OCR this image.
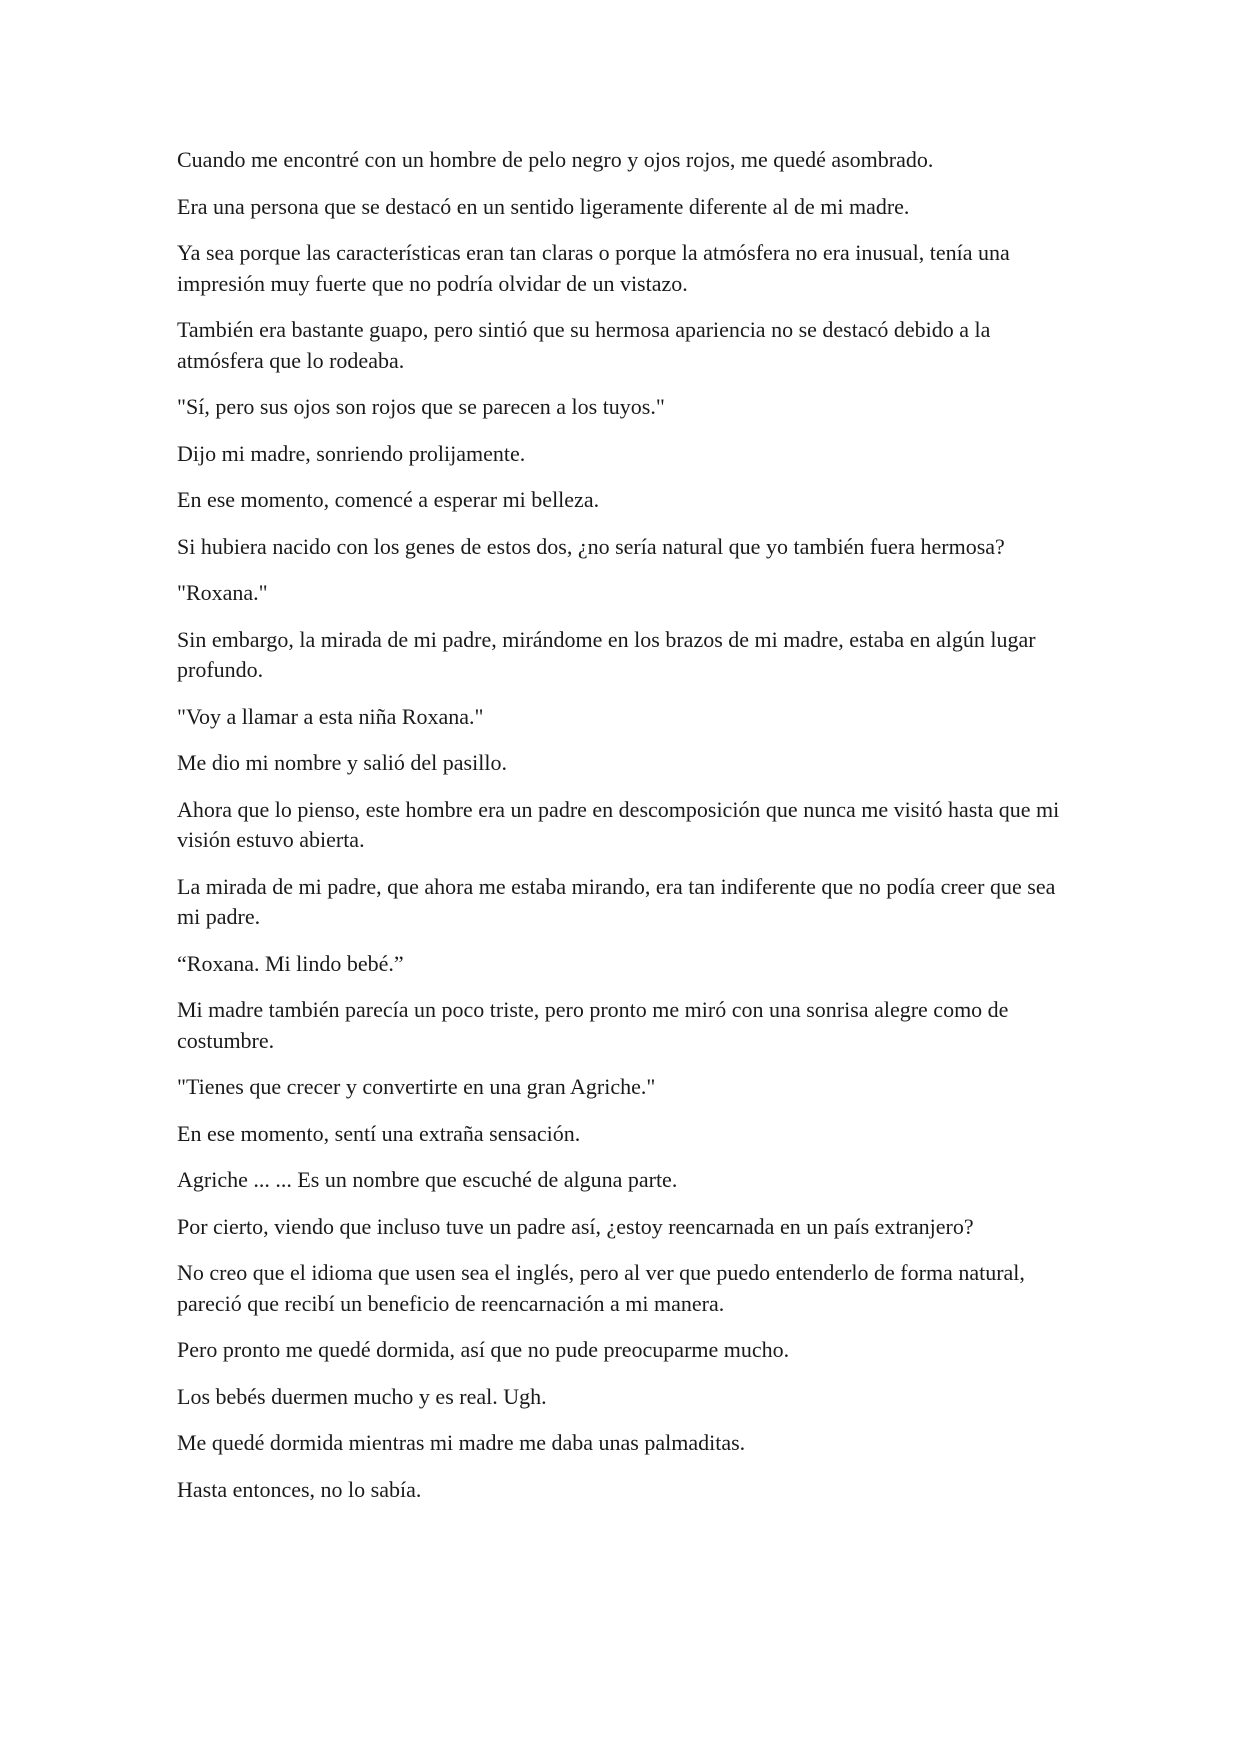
Cuando me encontré con un hombre de pelo negro y ojos rojos, me quedé asombrado.

Era una persona que se destacó en un sentido ligeramente diferente al de mi madre.

Ya sea porque las características eran tan claras o porque la atmósfera no era inusual, tenía una impresión muy fuerte que no podría olvidar de un vistazo.

También era bastante guapo, pero sintió que su hermosa apariencia no se destacó debido a la atmósfera que lo rodeaba.

"Sí, pero sus ojos son rojos que se parecen a los tuyos."

Dijo mi madre, sonriendo prolijamente.

En ese momento, comencé a esperar mi belleza.

Si hubiera nacido con los genes de estos dos, ¿no sería natural que yo también fuera hermosa?

"Roxana."

Sin embargo, la mirada de mi padre, mirándome en los brazos de mi madre, estaba en algún lugar profundo.

"Voy a llamar a esta niña Roxana."

Me dio mi nombre y salió del pasillo.

Ahora que lo pienso, este hombre era un padre en descomposición que nunca me visitó hasta que mi visión estuvo abierta.

La mirada de mi padre, que ahora me estaba mirando, era tan indiferente que no podía creer que sea mi padre.

“Roxana. Mi lindo bebé.”

Mi madre también parecía un poco triste, pero pronto me miró con una sonrisa alegre como de costumbre.

"Tienes que crecer y convertirte en una gran Agriche."

En ese momento, sentí una extraña sensación.

Agriche ... ... Es un nombre que escuché de alguna parte.

Por cierto, viendo que incluso tuve un padre así, ¿estoy reencarnada en un país extranjero?

No creo que el idioma que usen sea el inglés, pero al ver que puedo entenderlo de forma natural, pareció que recibí un beneficio de reencarnación a mi manera.

Pero pronto me quedé dormida, así que no pude preocuparme mucho.

Los bebés duermen mucho y es real. Ugh.

Me quedé dormida mientras mi madre me daba unas palmaditas.

Hasta entonces, no lo sabía.
